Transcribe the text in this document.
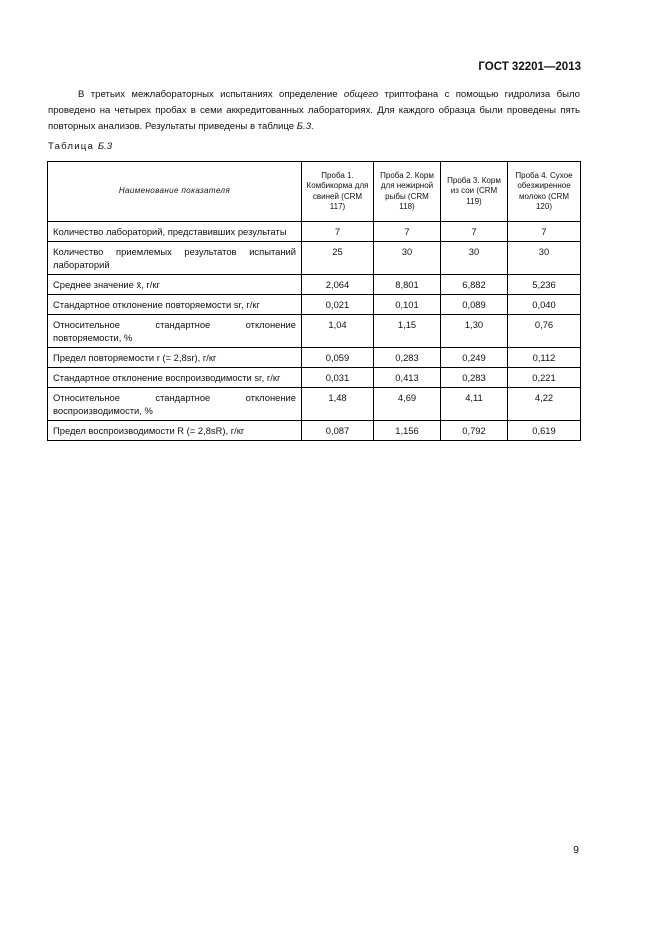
ГОСТ 32201—2013

В третьих межлабораторных испытаниях определение общего триптофана с помощью гидролиза было проведено на четырех пробах в семи аккредитованных лабораториях. Для каждого образца были проведены пять повторных анализов. Результаты приведены в таблице Б.3.

Таблица Б.3
Наименование показателя	Проба 1. Комбикорма для свиней (CRM 117)	Проба 2. Корм для нежирной рыбы (CRM 118)	Проба 3. Корм из сои (CRM 119)	Проба 4. Сухое обезжиренное молоко (CRM 120)
Количество лабораторий, представивших результаты	7	7	7	7
Количество приемлемых результатов испытаний лабораторий	25	30	30	30
Среднее значение x̄, г/кг	2,064	8,801	6,882	5,236
Стандартное отклонение повторяемости sr, г/кг	0,021	0,101	0,089	0,040
Относительное стандартное отклонение повторяемости, %	1,04	1,15	1,30	0,76
Предел повторяемости r (= 2,8sr), г/кг	0,059	0,283	0,249	0,112
Стандартное отклонение воспроизводимости sr, г/кг	0,031	0,413	0,283	0,221
Относительное стандартное отклонение воспроизводимости, %	1,48	4,69	4,11	4,22
Предел воспроизводимости R (= 2,8sR), г/кг	0,087	1,156	0,792	0,619
9
